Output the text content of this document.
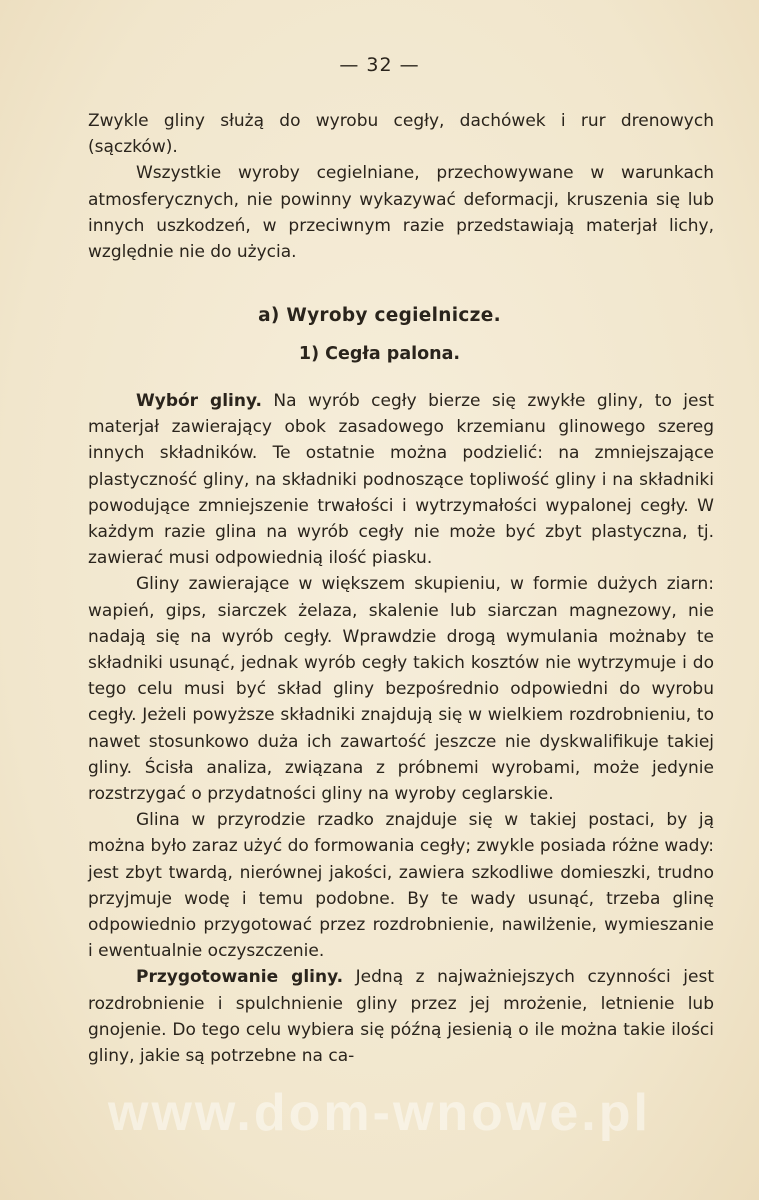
— 32 —

Zwykle gliny służą do wyrobu cegły, dachówek i rur drenowych (sączków).

Wszystkie wyroby cegielniane, przechowywane w warunkach atmosferycznych, nie powinny wykazywać deformacji, kruszenia się lub innych uszkodzeń, w przeciwnym razie przedstawiają materjał lichy, względnie nie do użycia.

a) Wyroby cegielnicze.
1) Cegła palona.

Wybór gliny. Na wyrób cegły bierze się zwykłe gliny, to jest materjał zawierający obok zasadowego krzemianu glinowego szereg innych składników. Te ostatnie można podzielić: na zmniejszające plastyczność gliny, na składniki podnoszące topliwość gliny i na składniki powodujące zmniejszenie trwałości i wytrzymałości wypalonej cegły. W każdym razie glina na wyrób cegły nie może być zbyt plastyczna, tj. zawierać musi odpowiednią ilość piasku.

Gliny zawierające w większem skupieniu, w formie dużych ziarn: wapień, gips, siarczek żelaza, skalenie lub siarczan magnezowy, nie nadają się na wyrób cegły. Wprawdzie drogą wymulania możnaby te składniki usunąć, jednak wyrób cegły takich kosztów nie wytrzymuje i do tego celu musi być skład gliny bezpośrednio odpowiedni do wyrobu cegły. Jeżeli powyższe składniki znajdują się w wielkiem rozdrobnieniu, to nawet stosunkowo duża ich zawartość jeszcze nie dyskwalifikuje takiej gliny. Ścisła analiza, związana z próbnemi wyrobami, może jedynie rozstrzygać o przydatności gliny na wyroby ceglarskie.

Glina w przyrodzie rzadko znajduje się w takiej postaci, by ją można było zaraz użyć do formowania cegły; zwykle posiada różne wady: jest zbyt twardą, nierównej jakości, zawiera szkodliwe domieszki, trudno przyjmuje wodę i temu podobne. By te wady usunąć, trzeba glinę odpowiednio przygotować przez rozdrobnienie, nawilżenie, wymieszanie i ewentualnie oczyszczenie.

Przygotowanie gliny. Jedną z najważniejszych czynności jest rozdrobnienie i spulchnienie gliny przez jej mrożenie, letnienie lub gnojenie. Do tego celu wybiera się późną jesienią o ile można takie ilości gliny, jakie są potrzebne na ca-

www.dom-wnowe.pl
